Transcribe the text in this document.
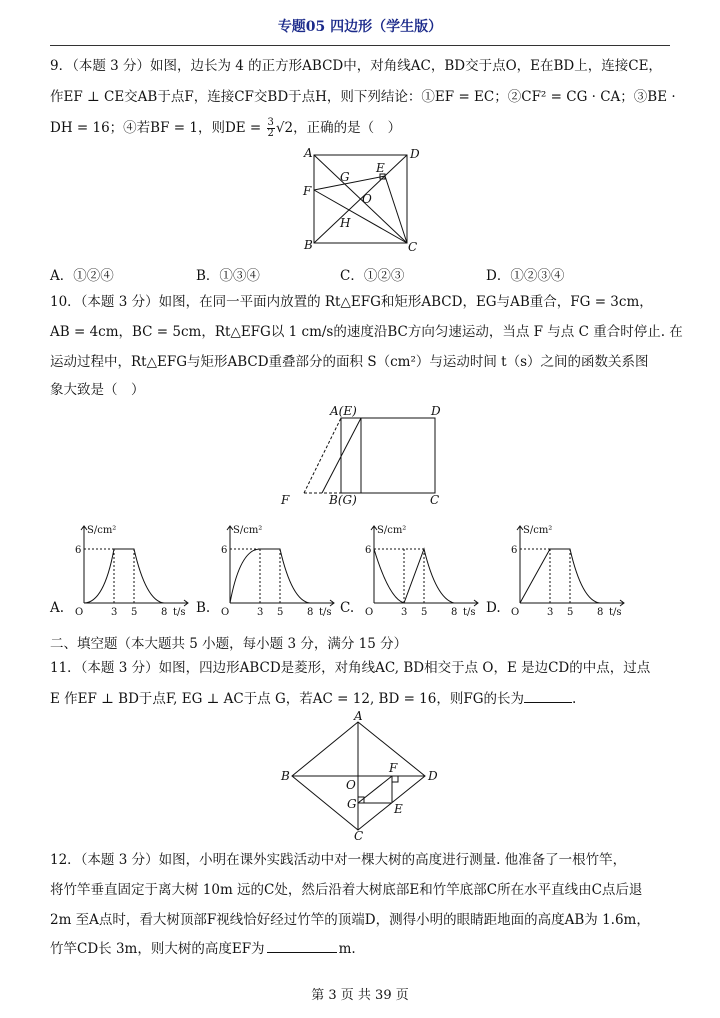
专题05 四边形（学生版）
9．（本题 3 分）如图，边长为 4 的正方形ABCD中，对角线AC，BD交于点O，E在BD上，连接CE，
作EF ⊥ CE交AB于点F，连接CF交BD于点H，则下列结论：①EF = EC；②CF² = CG · CA；③BE ·
DH = 16；④若BF = 1，则DE = $\frac{3}{2} √2$，正确的是（　）
A	D
B	C
F
G
E
O
H
A．①②④	B．①③④	C．①②③	D．①②③④
10．（本题 3 分）如图，在同一平面内放置的 Rt△EFG和矩形ABCD，EG与AB重合，FG = 3cm，
AB = 4cm，BC = 5cm，Rt△EFG以 1 cm/s的速度沿BC方向匀速运动，当点 F 与点 C 重合时停止. 在
运动过程中，Rt△EFG与矩形ABCD重叠部分的面积 S（cm²）与运动时间 t（s）之间的函数关系图
象大致是（　）
A(E)	D
F	B(G)	C
A.
S/cm²
6
O	3 5 8 t/s B.
S/cm²
6
O	3 5 8 t/s C.
S/cm²
6
O	3 5 8 t/s D.
S/cm²
6
O	3 5 8 t/s
二、填空题（本大题共 5 小题，每小题 3 分，满分 15 分）
11．（本题 3 分）如图，四边形ABCD是菱形，对角线AC, BD相交于点 O，E 是边CD的中点，过点
E 作EF ⊥ BD于点F, EG ⊥ AC于点 G，若AC = 12, BD = 16，则FG的长为	.
A
B	D
C
O
F
G	E
12．（本题 3 分）如图，小明在课外实践活动中对一棵大树的高度进行测量. 他准备了一根竹竿，
将竹竿垂直固定于离大树 10m 远的C处，然后沿着大树底部E和竹竿底部C所在水平直线由C点后退
2m 至A点时，看大树顶部F视线恰好经过竹竿的顶端D，测得小明的眼睛距地面的高度AB为 1.6m，
竹竿CD长 3m，则大树的高度EF为	m.
第 3 页 共 39 页
